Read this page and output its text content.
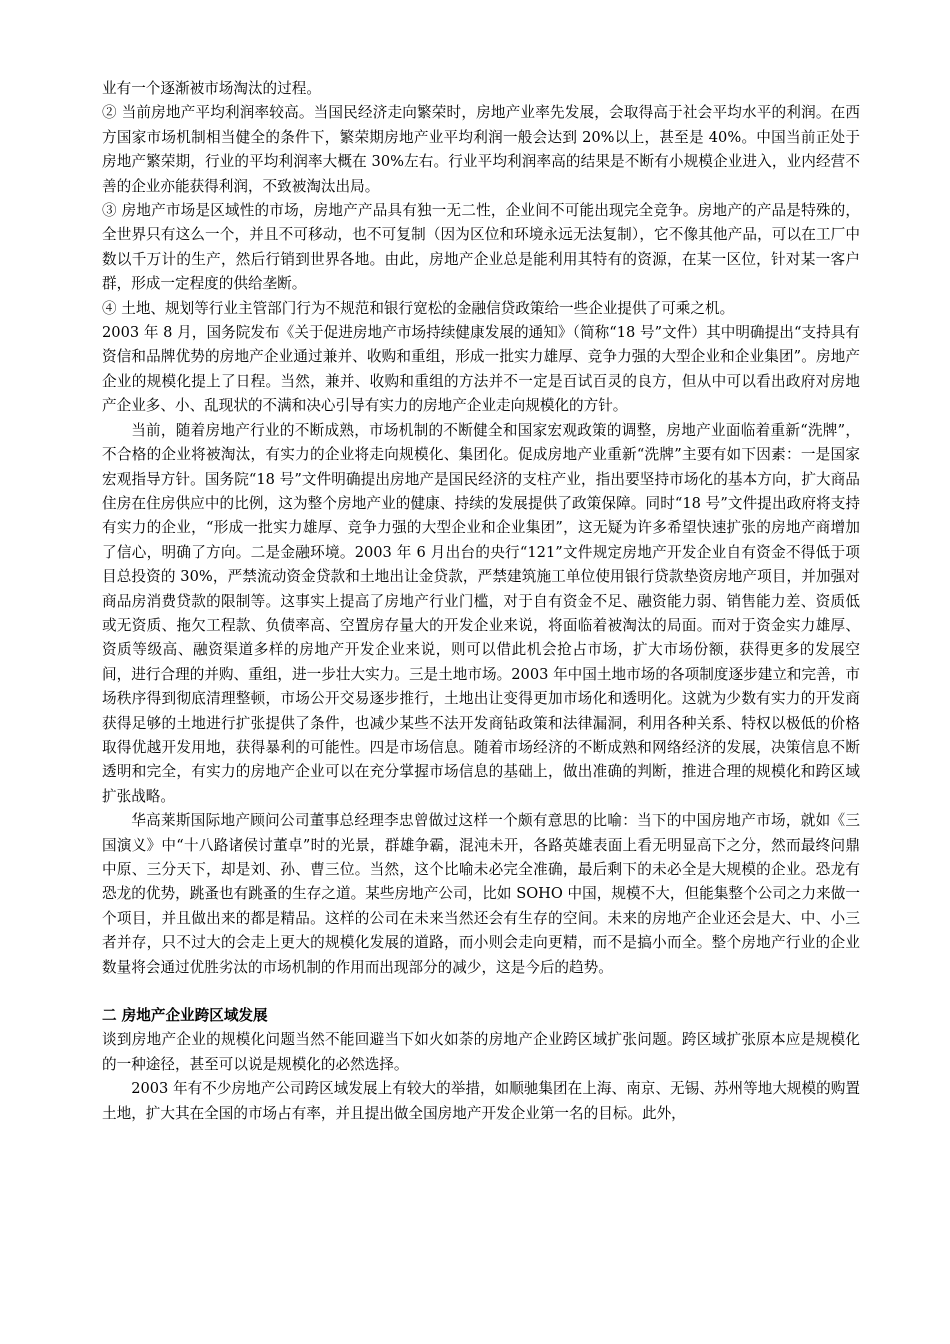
业有一个逐渐被市场淘汰的过程。

② 当前房地产平均利润率较高。当国民经济走向繁荣时，房地产业率先发展，会取得高于社会平均水平的利润。在西方国家市场机制相当健全的条件下，繁荣期房地产业平均利润一般会达到 20%以上，甚至是 40%。中国当前正处于房地产繁荣期，行业的平均利润率大概在 30%左右。行业平均利润率高的结果是不断有小规模企业进入，业内经营不善的企业亦能获得利润，不致被淘汰出局。

③ 房地产市场是区域性的市场，房地产产品具有独一无二性，企业间不可能出现完全竞争。房地产的产品是特殊的，全世界只有这么一个，并且不可移动，也不可复制（因为区位和环境永远无法复制），它不像其他产品，可以在工厂中数以千万计的生产，然后行销到世界各地。由此，房地产企业总是能利用其特有的资源，在某一区位，针对某一客户群，形成一定程度的供给垄断。

④ 土地、规划等行业主管部门行为不规范和银行宽松的金融信贷政策给一些企业提供了可乘之机。

2003 年 8 月，国务院发布《关于促进房地产市场持续健康发展的通知》（简称“18 号”文件）其中明确提出“支持具有资信和品牌优势的房地产企业通过兼并、收购和重组，形成一批实力雄厚、竞争力强的大型企业和企业集团”。房地产企业的规模化提上了日程。当然，兼并、收购和重组的方法并不一定是百试百灵的良方，但从中可以看出政府对房地产企业多、小、乱现状的不满和决心引导有实力的房地产企业走向规模化的方针。

当前，随着房地产行业的不断成熟，市场机制的不断健全和国家宏观政策的调整，房地产业面临着重新“洗牌”，不合格的企业将被淘汰，有实力的企业将走向规模化、集团化。促成房地产业重新“洗牌”主要有如下因素：一是国家宏观指导方针。国务院“18 号”文件明确提出房地产是国民经济的支柱产业，指出要坚持市场化的基本方向，扩大商品住房在住房供应中的比例，这为整个房地产业的健康、持续的发展提供了政策保障。同时“18 号”文件提出政府将支持有实力的企业，“形成一批实力雄厚、竞争力强的大型企业和企业集团”，这无疑为许多希望快速扩张的房地产商增加了信心，明确了方向。二是金融环境。2003 年 6 月出台的央行“121”文件规定房地产开发企业自有资金不得低于项目总投资的 30%，严禁流动资金贷款和土地出让金贷款，严禁建筑施工单位使用银行贷款垫资房地产项目，并加强对商品房消费贷款的限制等。这事实上提高了房地产行业门槛，对于自有资金不足、融资能力弱、销售能力差、资质低或无资质、拖欠工程款、负债率高、空置房存量大的开发企业来说，将面临着被淘汰的局面。而对于资金实力雄厚、资质等级高、融资渠道多样的房地产开发企业来说，则可以借此机会抢占市场，扩大市场份额，获得更多的发展空间，进行合理的并购、重组，进一步壮大实力。三是土地市场。2003 年中国土地市场的各项制度逐步建立和完善，市场秩序得到彻底清理整顿，市场公开交易逐步推行，土地出让变得更加市场化和透明化。这就为少数有实力的开发商获得足够的土地进行扩张提供了条件，也减少某些不法开发商钻政策和法律漏洞，利用各种关系、特权以极低的价格取得优越开发用地，获得暴利的可能性。四是市场信息。随着市场经济的不断成熟和网络经济的发展，决策信息不断透明和完全，有实力的房地产企业可以在充分掌握市场信息的基础上，做出准确的判断，推进合理的规模化和跨区域扩张战略。

华高莱斯国际地产顾问公司董事总经理李忠曾做过这样一个颇有意思的比喻：当下的中国房地产市场，就如《三国演义》中“十八路诸侯讨董卓”时的光景，群雄争霸，混沌未开，各路英雄表面上看无明显高下之分，然而最终问鼎中原、三分天下，却是刘、孙、曹三位。当然，这个比喻未必完全准确，最后剩下的未必全是大规模的企业。恐龙有恐龙的优势，跳蚤也有跳蚤的生存之道。某些房地产公司，比如 SOHO 中国，规模不大，但能集整个公司之力来做一个项目，并且做出来的都是精品。这样的公司在未来当然还会有生存的空间。未来的房地产企业还会是大、中、小三者并存，只不过大的会走上更大的规模化发展的道路，而小则会走向更精，而不是搞小而全。整个房地产行业的企业数量将会通过优胜劣汰的市场机制的作用而出现部分的减少，这是今后的趋势。

二 房地产企业跨区域发展

谈到房地产企业的规模化问题当然不能回避当下如火如荼的房地产企业跨区域扩张问题。跨区域扩张原本应是规模化的一种途径，甚至可以说是规模化的必然选择。

2003 年有不少房地产公司跨区域发展上有较大的举措，如顺驰集团在上海、南京、无锡、苏州等地大规模的购置土地，扩大其在全国的市场占有率，并且提出做全国房地产开发企业第一名的目标。此外，
